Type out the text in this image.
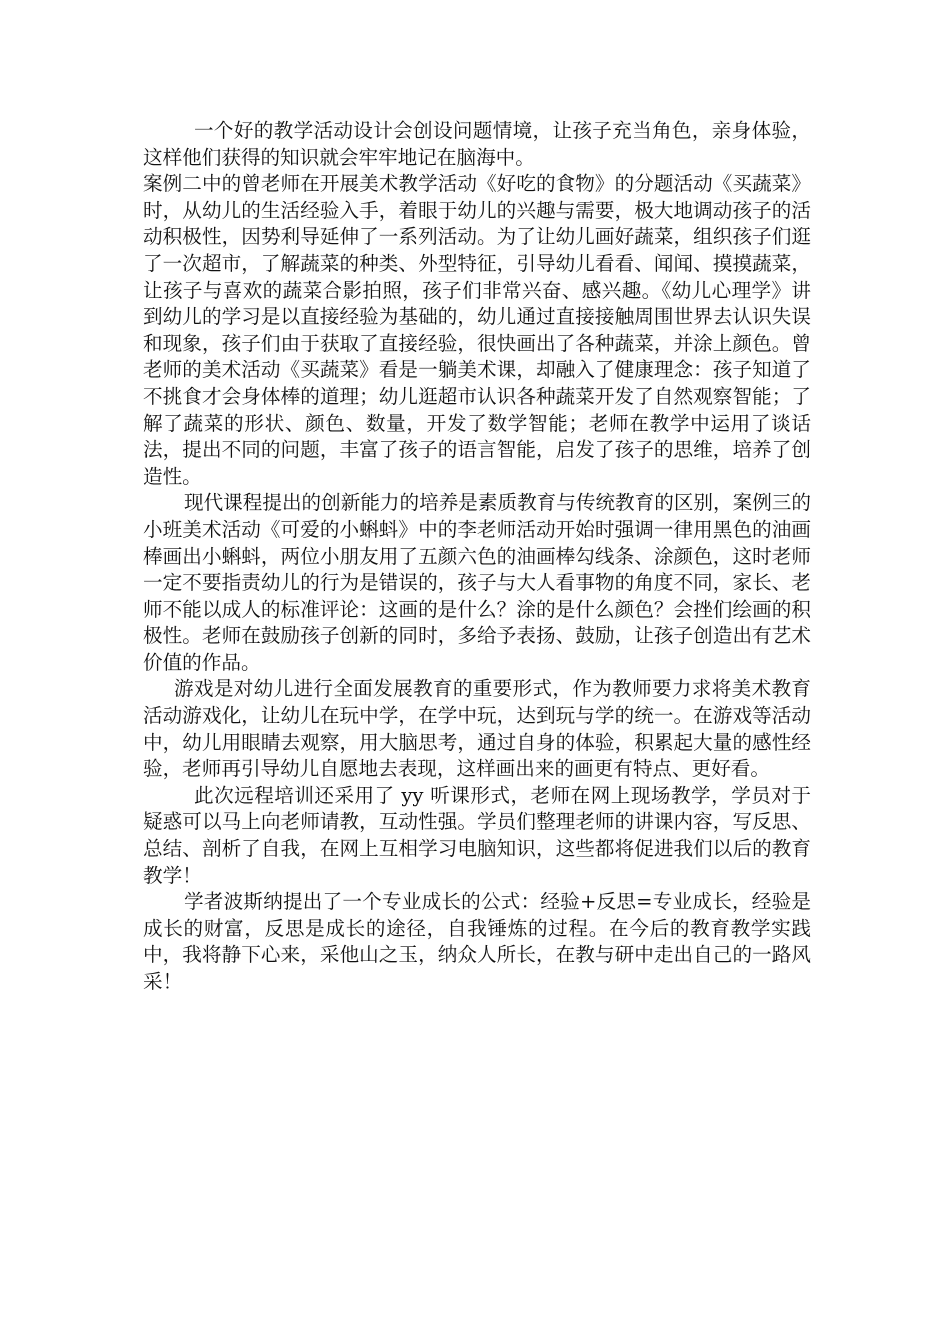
一个好的教学活动设计会创设问题情境，让孩子充当角色，亲身体验，这样他们获得的知识就会牢牢地记在脑海中。

案例二中的曾老师在开展美术教学活动《好吃的食物》的分题活动《买蔬菜》时，从幼儿的生活经验入手，着眼于幼儿的兴趣与需要，极大地调动孩子的活动积极性，因势利导延伸了一系列活动。为了让幼儿画好蔬菜，组织孩子们逛了一次超市，了解蔬菜的种类、外型特征，引导幼儿看看、闻闻、摸摸蔬菜，让孩子与喜欢的蔬菜合影拍照，孩子们非常兴奋、感兴趣。《幼儿心理学》讲到幼儿的学习是以直接经验为基础的，幼儿通过直接接触周围世界去认识失误和现象，孩子们由于获取了直接经验，很快画出了各种蔬菜，并涂上颜色。曾老师的美术活动《买蔬菜》看是一躺美术课，却融入了健康理念：孩子知道了不挑食才会身体棒的道理；幼儿逛超市认识各种蔬菜开发了自然观察智能；了解了蔬菜的形状、颜色、数量，开发了数学智能；老师在教学中运用了谈话法，提出不同的问题，丰富了孩子的语言智能，启发了孩子的思维，培养了创造性。

现代课程提出的创新能力的培养是素质教育与传统教育的区别，案例三的小班美术活动《可爱的小蝌蚪》中的李老师活动开始时强调一律用黑色的油画棒画出小蝌蚪，两位小朋友用了五颜六色的油画棒勾线条、涂颜色，这时老师一定不要指责幼儿的行为是错误的，孩子与大人看事物的角度不同，家长、老师不能以成人的标准评论：这画的是什么？涂的是什么颜色？会挫们绘画的积极性。老师在鼓励孩子创新的同时，多给予表扬、鼓励，让孩子创造出有艺术价值的作品。

游戏是对幼儿进行全面发展教育的重要形式，作为教师要力求将美术教育活动游戏化，让幼儿在玩中学，在学中玩，达到玩与学的统一。在游戏等活动中，幼儿用眼睛去观察，用大脑思考，通过自身的体验，积累起大量的感性经验，老师再引导幼儿自愿地去表现，这样画出来的画更有特点、更好看。

此次远程培训还采用了 yy 听课形式，老师在网上现场教学，学员对于疑惑可以马上向老师请教，互动性强。学员们整理老师的讲课内容，写反思、总结、剖析了自我，在网上互相学习电脑知识，这些都将促进我们以后的教育教学！

学者波斯纳提出了一个专业成长的公式：经验+反思=专业成长，经验是成长的财富，反思是成长的途径，自我锤炼的过程。在今后的教育教学实践中，我将静下心来，采他山之玉，纳众人所长，在教与研中走出自己的一路风采！
